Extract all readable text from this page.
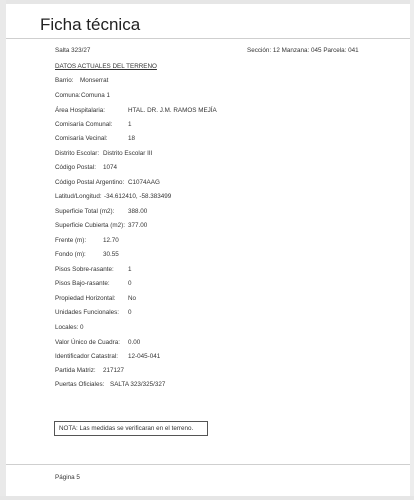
Ficha técnica
Salta 323/27	Sección: 12 Manzana: 045 Parcela: 041
DATOS ACTUALES DEL TERRENO
Barrio: Monserrat
Comuna: Comuna 1
Área Hospitalaria:	HTAL. DR. J.M. RAMOS MEJÍA
Comisaría Comunal: 1
Comisaría Vecinal:	18
Distrito Escolar: Distrito Escolar III
Código Postal: 1074
Código Postal Argentino: C1074AAG
Latitud/Longitud: -34.612410, -58.383499
Superficie Total (m2): 388.00
Superficie Cubierta (m2): 377.00
Frente (m):	12.70
Fondo (m):	30.55
Pisos Sobre-rasante: 1
Pisos Bajo-rasante:	0
Propiedad Horizontal: No
Unidades Funcionales: 0
Locales: 0
Valor Único de Cuadra: 0.00
Identificador Catastral: 12-045-041
Partida Matriz: 217127
Puertas Oficiales: SALTA 323/325/327
NOTA: Las medidas se verificaran en el terreno.
Página 5
